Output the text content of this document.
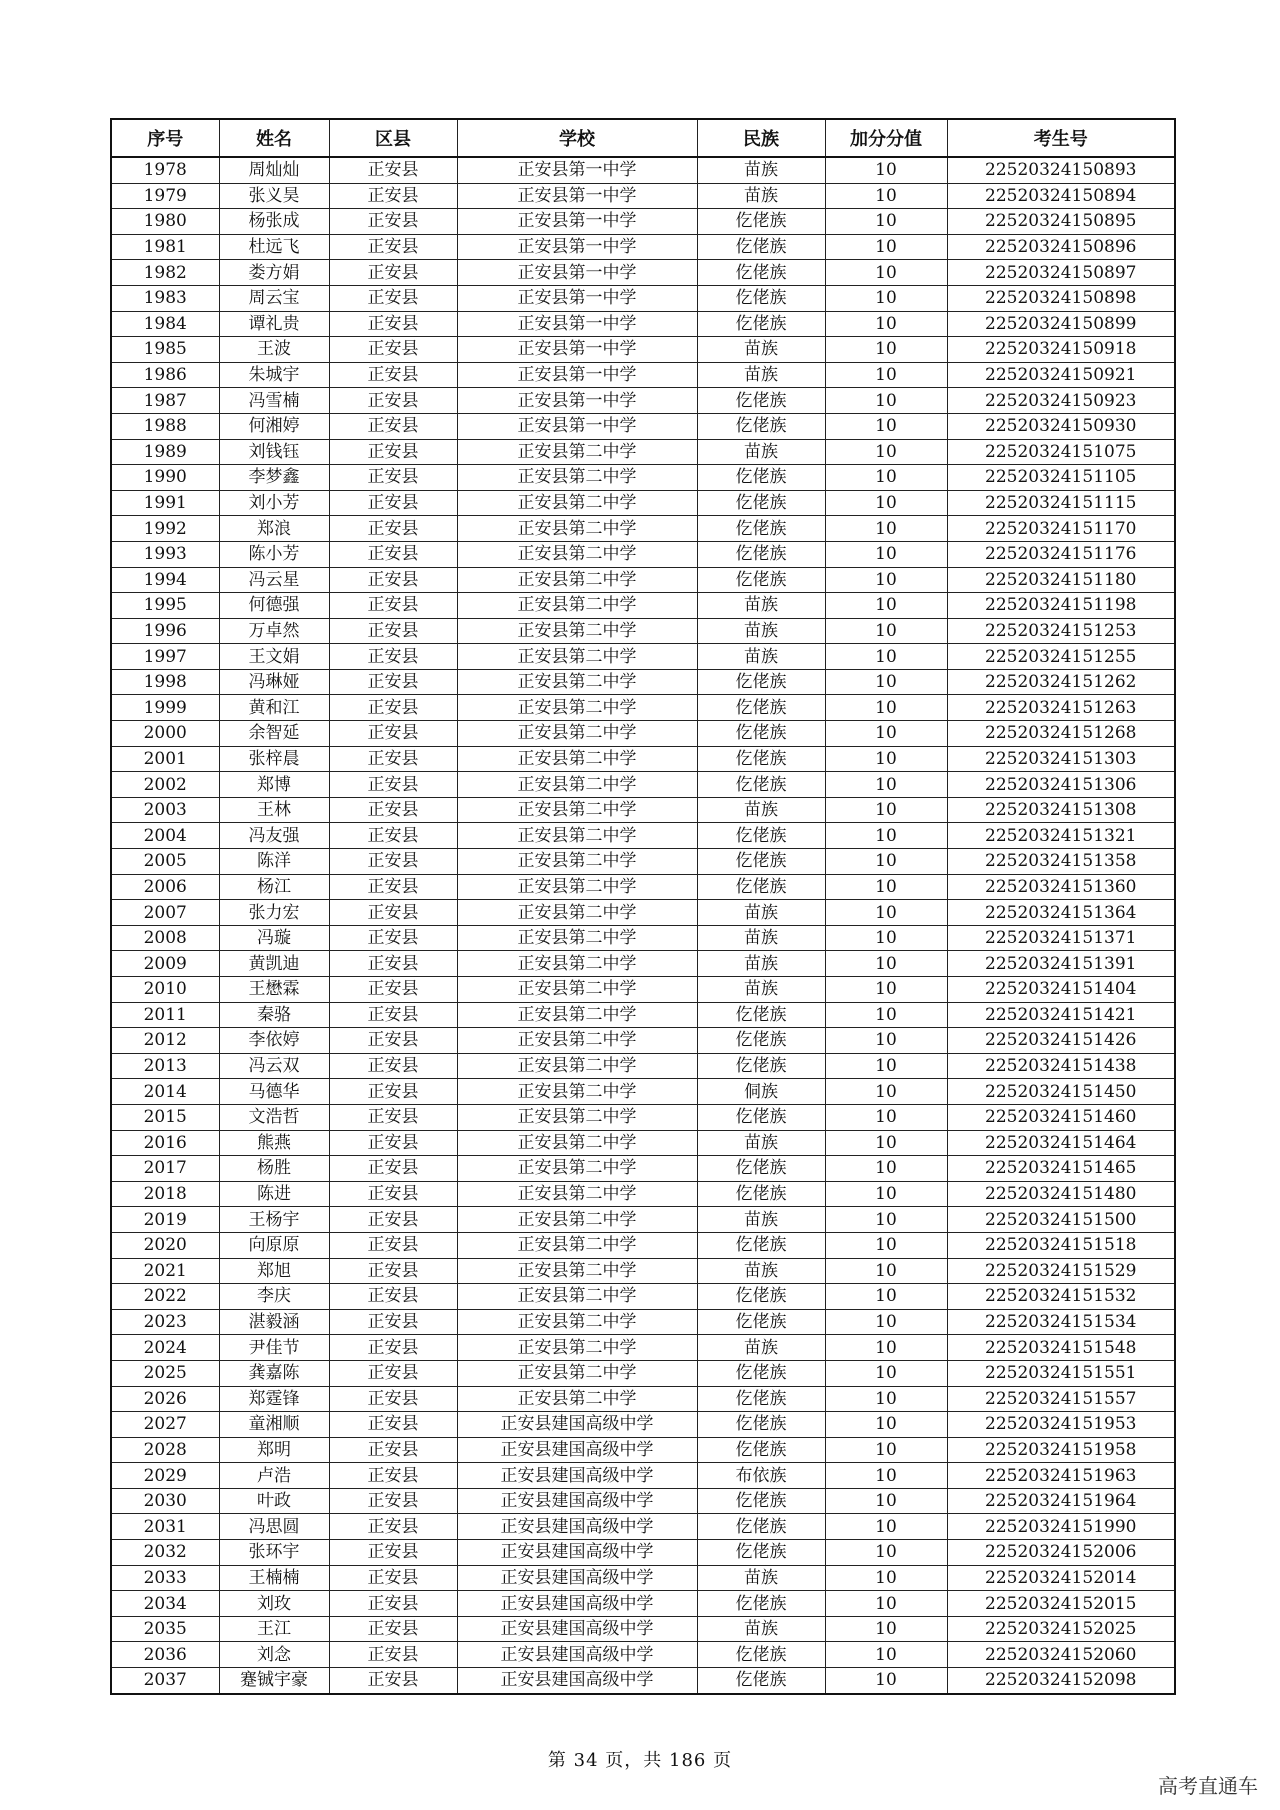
序号	姓名	区县	学校	民族	加分分值	考生号
1978	周灿灿	正安县	正安县第一中学	苗族	10	22520324150893
1979	张义昊	正安县	正安县第一中学	苗族	10	22520324150894
1980	杨张成	正安县	正安县第一中学	仡佬族	10	22520324150895
1981	杜远飞	正安县	正安县第一中学	仡佬族	10	22520324150896
1982	娄方娟	正安县	正安县第一中学	仡佬族	10	22520324150897
1983	周云宝	正安县	正安县第一中学	仡佬族	10	22520324150898
1984	谭礼贵	正安县	正安县第一中学	仡佬族	10	22520324150899
1985	王波	正安县	正安县第一中学	苗族	10	22520324150918
1986	朱城宇	正安县	正安县第一中学	苗族	10	22520324150921
1987	冯雪楠	正安县	正安县第一中学	仡佬族	10	22520324150923
1988	何湘婷	正安县	正安县第一中学	仡佬族	10	22520324150930
1989	刘钱钰	正安县	正安县第二中学	苗族	10	22520324151075
1990	李梦鑫	正安县	正安县第二中学	仡佬族	10	22520324151105
1991	刘小芳	正安县	正安县第二中学	仡佬族	10	22520324151115
1992	郑浪	正安县	正安县第二中学	仡佬族	10	22520324151170
1993	陈小芳	正安县	正安县第二中学	仡佬族	10	22520324151176
1994	冯云星	正安县	正安县第二中学	仡佬族	10	22520324151180
1995	何德强	正安县	正安县第二中学	苗族	10	22520324151198
1996	万卓然	正安县	正安县第二中学	苗族	10	22520324151253
1997	王文娟	正安县	正安县第二中学	苗族	10	22520324151255
1998	冯琳娅	正安县	正安县第二中学	仡佬族	10	22520324151262
1999	黄和江	正安县	正安县第二中学	仡佬族	10	22520324151263
2000	余智延	正安县	正安县第二中学	仡佬族	10	22520324151268
2001	张梓晨	正安县	正安县第二中学	仡佬族	10	22520324151303
2002	郑博	正安县	正安县第二中学	仡佬族	10	22520324151306
2003	王林	正安县	正安县第二中学	苗族	10	22520324151308
2004	冯友强	正安县	正安县第二中学	仡佬族	10	22520324151321
2005	陈洋	正安县	正安县第二中学	仡佬族	10	22520324151358
2006	杨江	正安县	正安县第二中学	仡佬族	10	22520324151360
2007	张力宏	正安县	正安县第二中学	苗族	10	22520324151364
2008	冯璇	正安县	正安县第二中学	苗族	10	22520324151371
2009	黄凯迪	正安县	正安县第二中学	苗族	10	22520324151391
2010	王懋霖	正安县	正安县第二中学	苗族	10	22520324151404
2011	秦骆	正安县	正安县第二中学	仡佬族	10	22520324151421
2012	李依婷	正安县	正安县第二中学	仡佬族	10	22520324151426
2013	冯云双	正安县	正安县第二中学	仡佬族	10	22520324151438
2014	马德华	正安县	正安县第二中学	侗族	10	22520324151450
2015	文浩哲	正安县	正安县第二中学	仡佬族	10	22520324151460
2016	熊燕	正安县	正安县第二中学	苗族	10	22520324151464
2017	杨胜	正安县	正安县第二中学	仡佬族	10	22520324151465
2018	陈进	正安县	正安县第二中学	仡佬族	10	22520324151480
2019	王杨宇	正安县	正安县第二中学	苗族	10	22520324151500
2020	向原原	正安县	正安县第二中学	仡佬族	10	22520324151518
2021	郑旭	正安县	正安县第二中学	苗族	10	22520324151529
2022	李庆	正安县	正安县第二中学	仡佬族	10	22520324151532
2023	湛毅涵	正安县	正安县第二中学	仡佬族	10	22520324151534
2024	尹佳节	正安县	正安县第二中学	苗族	10	22520324151548
2025	龚嘉陈	正安县	正安县第二中学	仡佬族	10	22520324151551
2026	郑霆锋	正安县	正安县第二中学	仡佬族	10	22520324151557
2027	童湘顺	正安县	正安县建国高级中学	仡佬族	10	22520324151953
2028	郑明	正安县	正安县建国高级中学	仡佬族	10	22520324151958
2029	卢浩	正安县	正安县建国高级中学	布依族	10	22520324151963
2030	叶政	正安县	正安县建国高级中学	仡佬族	10	22520324151964
2031	冯思圆	正安县	正安县建国高级中学	仡佬族	10	22520324151990
2032	张环宇	正安县	正安县建国高级中学	仡佬族	10	22520324152006
2033	王楠楠	正安县	正安县建国高级中学	苗族	10	22520324152014
2034	刘玫	正安县	正安县建国高级中学	仡佬族	10	22520324152015
2035	王江	正安县	正安县建国高级中学	苗族	10	22520324152025
2036	刘念	正安县	正安县建国高级中学	仡佬族	10	22520324152060
2037	蹇铖宇豪	正安县	正安县建国高级中学	仡佬族	10	22520324152098
第 34 页，共 186 页
高考直通车
